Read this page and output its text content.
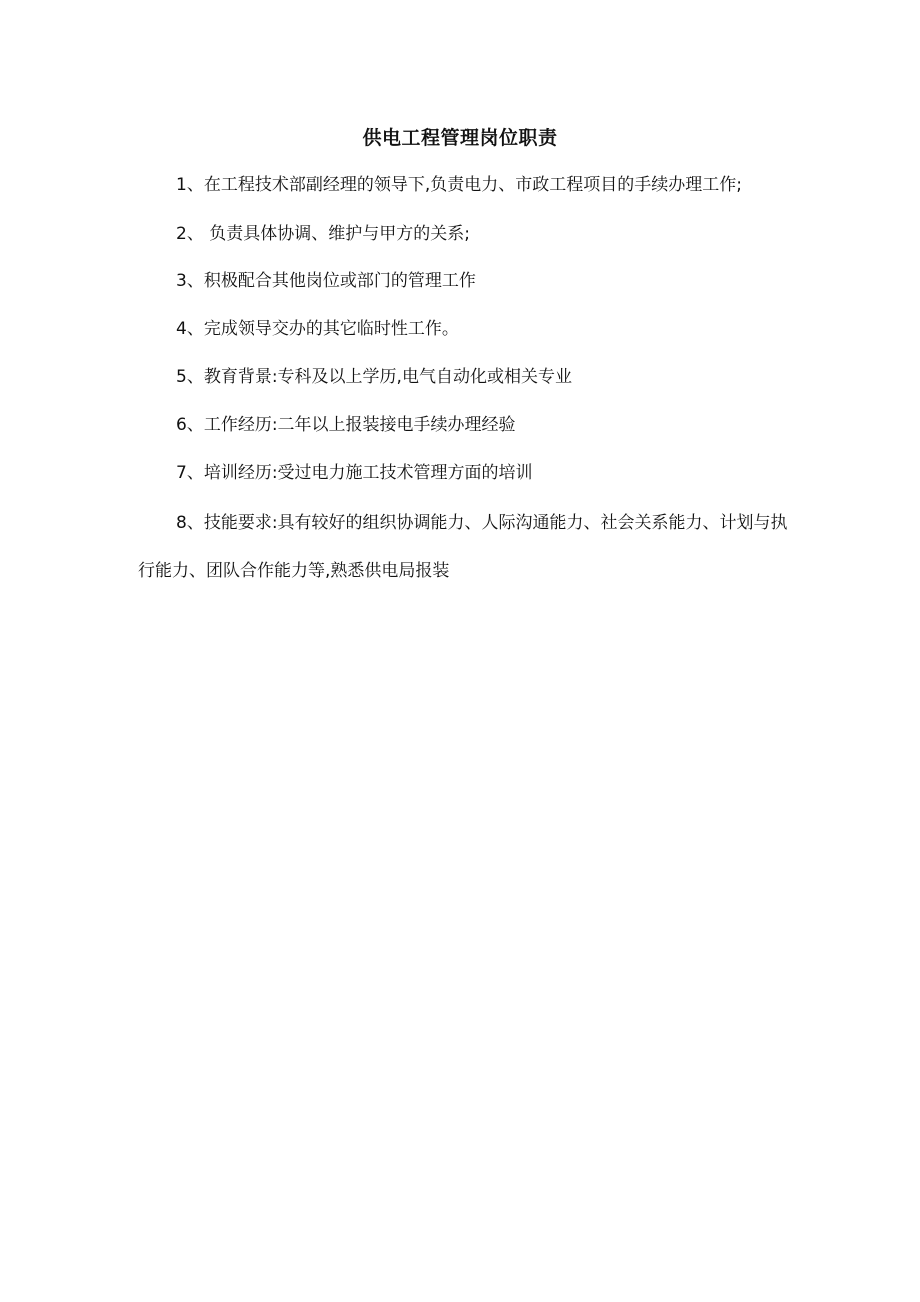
供电工程管理岗位职责

1、在工程技术部副经理的领导下,负责电力、市政工程项目的手续办理工作;

2、 负责具体协调、维护与甲方的关系;

3、积极配合其他岗位或部门的管理工作

4、完成领导交办的其它临时性工作。

5、教育背景:专科及以上学历,电气自动化或相关专业

6、工作经历:二年以上报装接电手续办理经验

7、培训经历:受过电力施工技术管理方面的培训

8、技能要求:具有较好的组织协调能力、人际沟通能力、社会关系能力、计划与执行能力、团队合作能力等,熟悉供电局报装
